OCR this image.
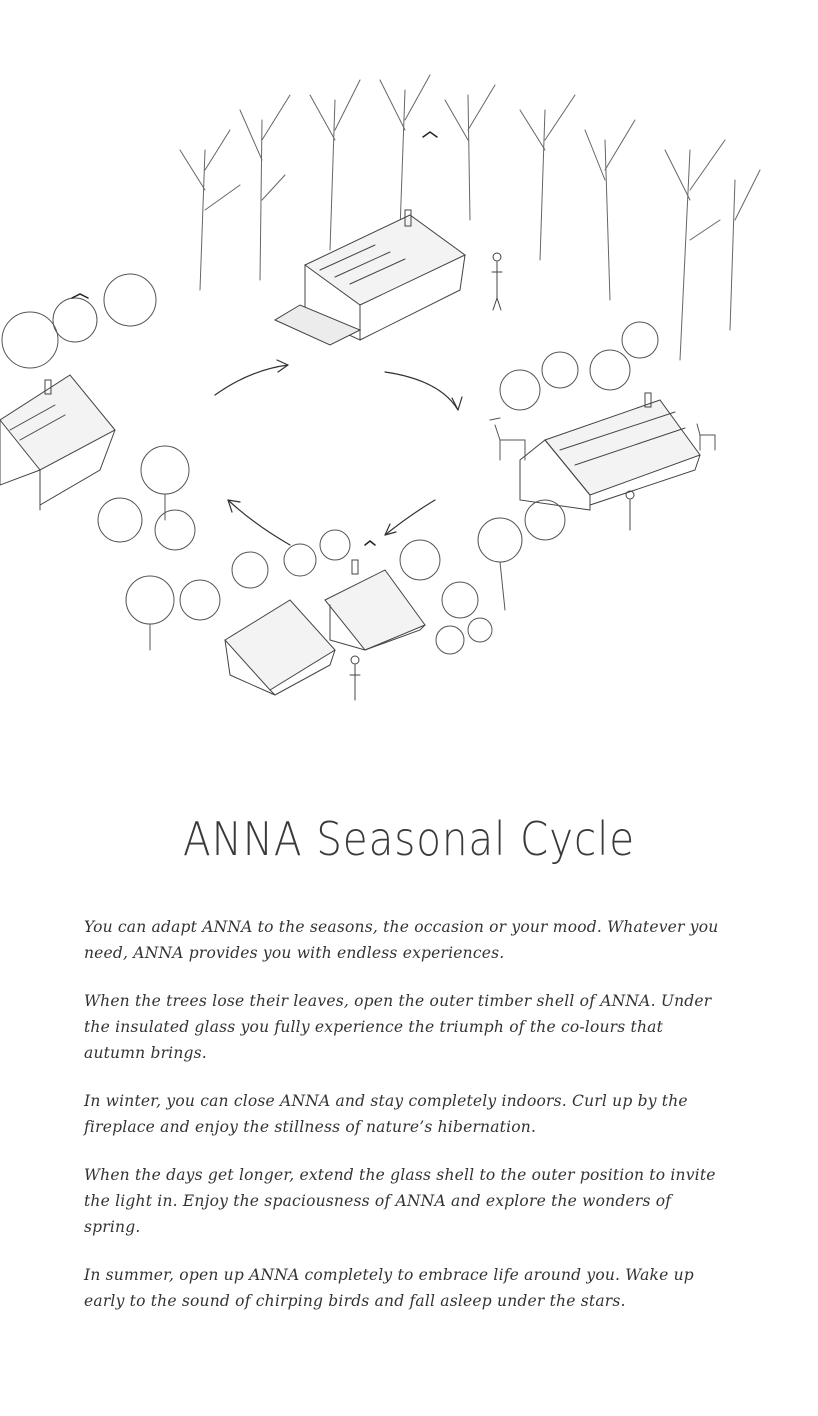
ANNA Seasonal Cycle

You can adapt ANNA to the seasons, the occasion or your mood. Whatever you need, ANNA provides you with endless experiences.

When the trees lose their leaves, open the outer timber shell of ANNA. Under the insulated glass you fully experience the triumph of the co-lours that autumn brings.

In winter, you can close ANNA and stay completely indoors. Curl up by the fireplace and enjoy the stillness of nature’s hibernation.

When the days get longer, extend the glass shell to the outer position to invite the light in. Enjoy the spaciousness of ANNA and explore the wonders of spring.

In summer, open up ANNA completely to embrace life around you. Wake up early to the sound of chirping birds and fall asleep under the stars.
